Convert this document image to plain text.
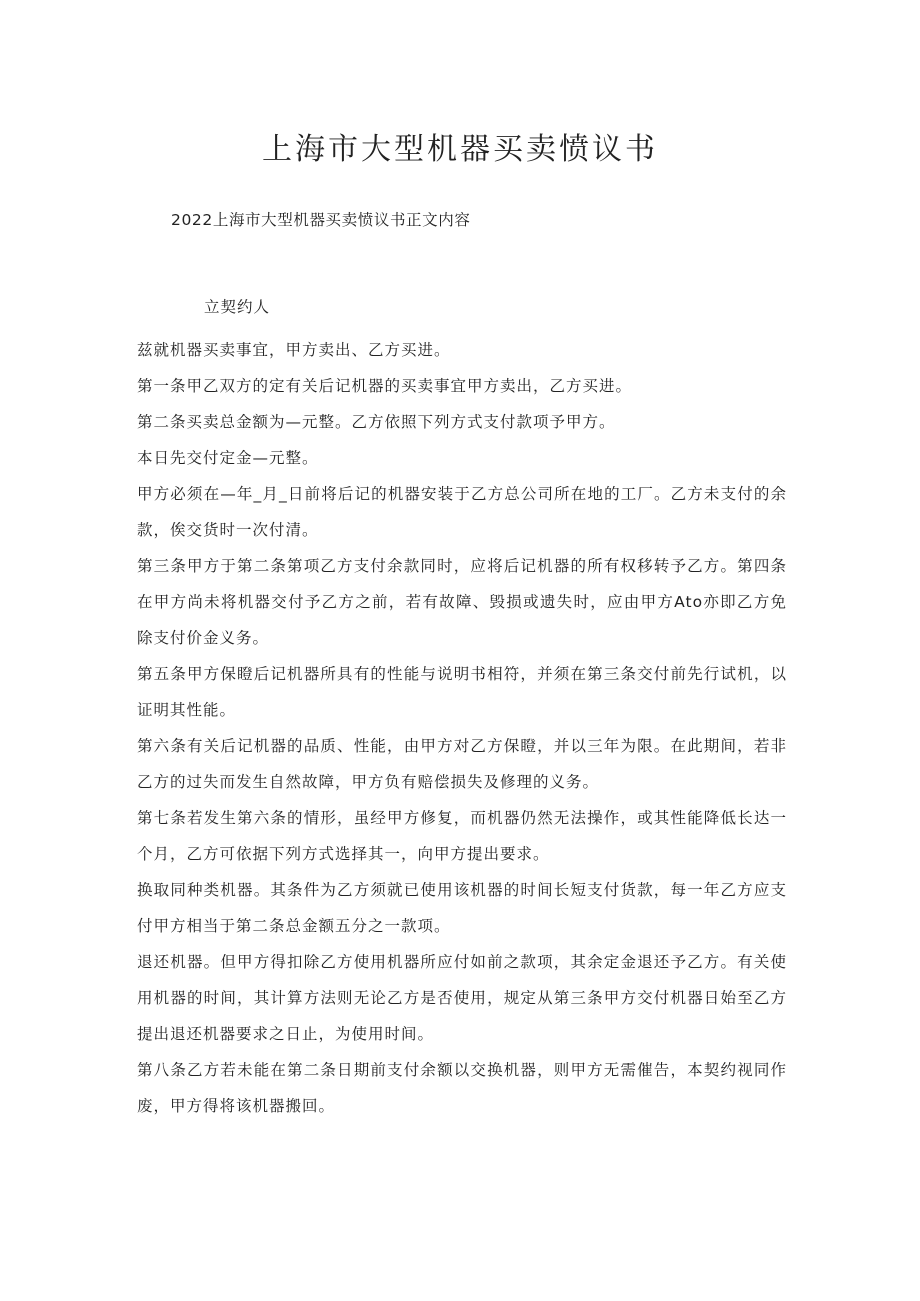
上海市大型机器买卖愤议书
2022上海市大型机器买卖愤议书正文内容
立契约人

兹就机器买卖事宜，甲方卖出、乙方买进。

第一条甲乙双方的定有关后记机器的买卖事宜甲方卖出，乙方买进。

第二条买卖总金额为—元整。乙方依照下列方式支付款项予甲方。

本日先交付定金—元整。

甲方必须在—年_月_日前将后记的机器安装于乙方总公司所在地的工厂。乙方未支付的余款，俟交货时一次付清。

第三条甲方于第二条第项乙方支付余款同时，应将后记机器的所有权移转予乙方。第四条在甲方尚未将机器交付予乙方之前，若有故障、毁损或遗失时，应由甲方Ato亦即乙方免除支付价金义务。

第五条甲方保瞪后记机器所具有的性能与说明书相符，并须在第三条交付前先行试机，以证明其性能。

第六条有关后记机器的品质、性能，由甲方对乙方保瞪，并以三年为限。在此期间，若非乙方的过失而发生自然故障，甲方负有赔偿损失及修理的义务。

第七条若发生第六条的情形，虽经甲方修复，而机器仍然无法操作，或其性能降低长达一个月，乙方可依据下列方式选择其一，向甲方提出要求。

换取同种类机器。其条件为乙方须就已使用该机器的时间长短支付货款，每一年乙方应支付甲方相当于第二条总金额五分之一款项。

退还机器。但甲方得扣除乙方使用机器所应付如前之款项，其余定金退还予乙方。有关使用机器的时间，其计算方法则无论乙方是否使用，规定从第三条甲方交付机器日始至乙方提出退还机器要求之日止，为使用时间。

第八条乙方若未能在第二条日期前支付余额以交换机器，则甲方无需催告，本契约视同作废，甲方得将该机器搬回。
